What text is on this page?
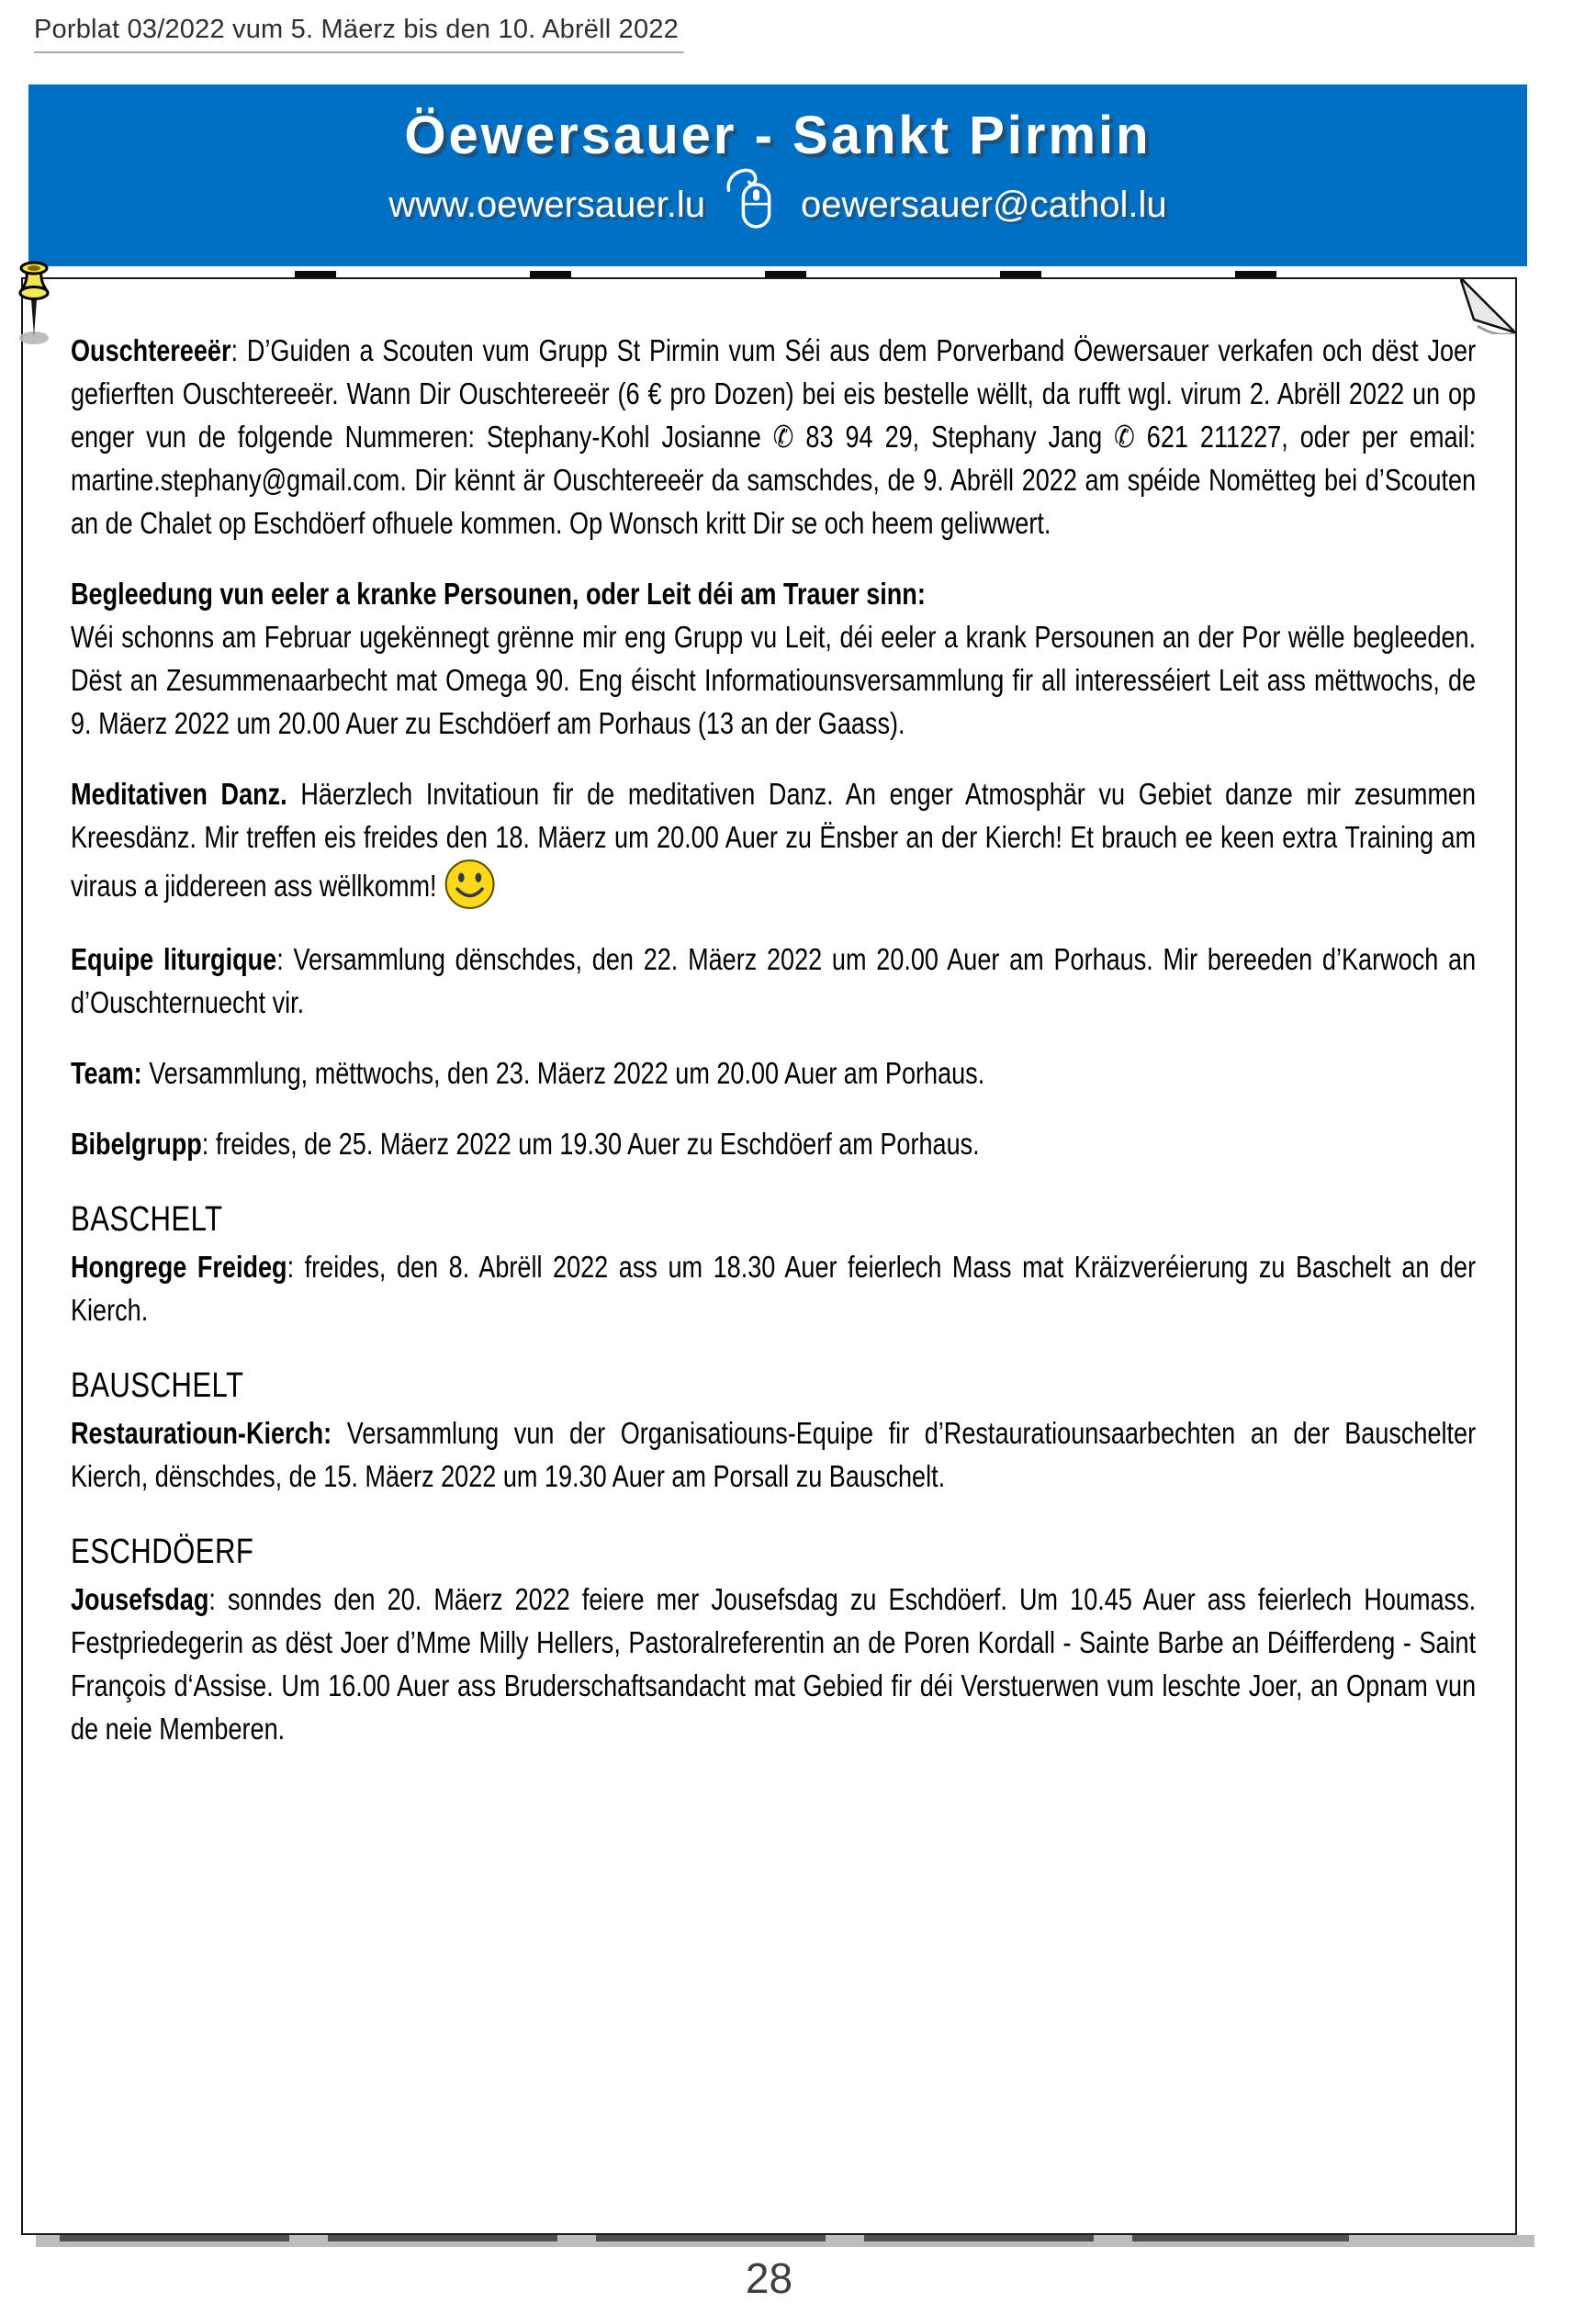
Porblat 03/2022 vum 5. Mäerz bis den 10. Abrëll 2022
Öewersauer - Sankt Pirmin
www.oewersauer.lu	oewersauer@cathol.lu

Ouschtereeër: D’Guiden a Scouten vum Grupp St Pirmin vum Séi aus dem Porverband Öewersauer verkafen och dëst Joer gefierften Ouschtereeër. Wann Dir Ouschtereeër (6 € pro Dozen) bei eis bestelle wëllt, da rufft wgl. virum 2. Abrëll 2022 un op enger vun de folgende Nummeren: Stephany-Kohl Josianne ✆ 83 94 29, Stephany Jang ✆ 621 211227, oder per email: martine.stephany@gmail.com. Dir kënnt är Ouschtereeër da samschdes, de 9. Abrëll 2022 am spéide Nomëtteg bei d’Scouten an de Chalet op Eschdöerf ofhuele kommen. Op Wonsch kritt Dir se och heem geliwwert.

Begleedung vun eeler a kranke Persounen, oder Leit déi am Trauer sinn:
Wéi schonns am Februar ugekënnegt grënne mir eng Grupp vu Leit, déi eeler a krank Persounen an der Por wëlle begleeden. Dëst an Zesummenaarbecht mat Omega 90. Eng éischt Informatiounsversammlung fir all interesséiert Leit ass mëttwochs, de 9. Mäerz 2022 um 20.00 Auer zu Eschdöerf am Porhaus (13 an der Gaass).

Meditativen Danz. Häerzlech Invitatioun fir de meditativen Danz. An enger Atmosphär vu Gebiet danze mir zesummen Kreesdänz. Mir treffen eis freides den 18. Mäerz um 20.00 Auer zu Ënsber an der Kierch! Et brauch ee keen extra Training am viraus a jiddereen ass wëllkomm!

Equipe liturgique: Versammlung dënschdes, den 22. Mäerz 2022 um 20.00 Auer am Porhaus. Mir bereeden d’Karwoch an d’Ouschternuecht vir.

Team: Versammlung, mëttwochs, den 23. Mäerz 2022 um 20.00 Auer am Porhaus.

Bibelgrupp: freides, de 25. Mäerz 2022 um 19.30 Auer zu Eschdöerf am Porhaus.

BASCHELT

Hongrege Freideg: freides, den 8. Abrëll 2022 ass um 18.30 Auer feierlech Mass mat Kräizveréierung zu Baschelt an der Kierch.

BAUSCHELT

Restauratioun-Kierch: Versammlung vun der Organisatiouns-Equipe fir d’Restauratiounsaarbechten an der Bauschelter Kierch, dënschdes, de 15. Mäerz 2022 um 19.30 Auer am Porsall zu Bauschelt.

ESCHDÖERF

Jousefsdag: sonndes den 20. Mäerz 2022 feiere mer Jousefsdag zu Eschdöerf. Um 10.45 Auer ass feierlech Houmass. Festpriedegerin as dëst Joer d’Mme Milly Hellers, Pastoralreferentin an de Poren Kordall - Sainte Barbe an Déifferdeng - Saint François d‘Assise. Um 16.00 Auer ass Bruderschaftsandacht mat Gebied fir déi Verstuerwen vum leschte Joer, an Opnam vun de neie Memberen.

28
